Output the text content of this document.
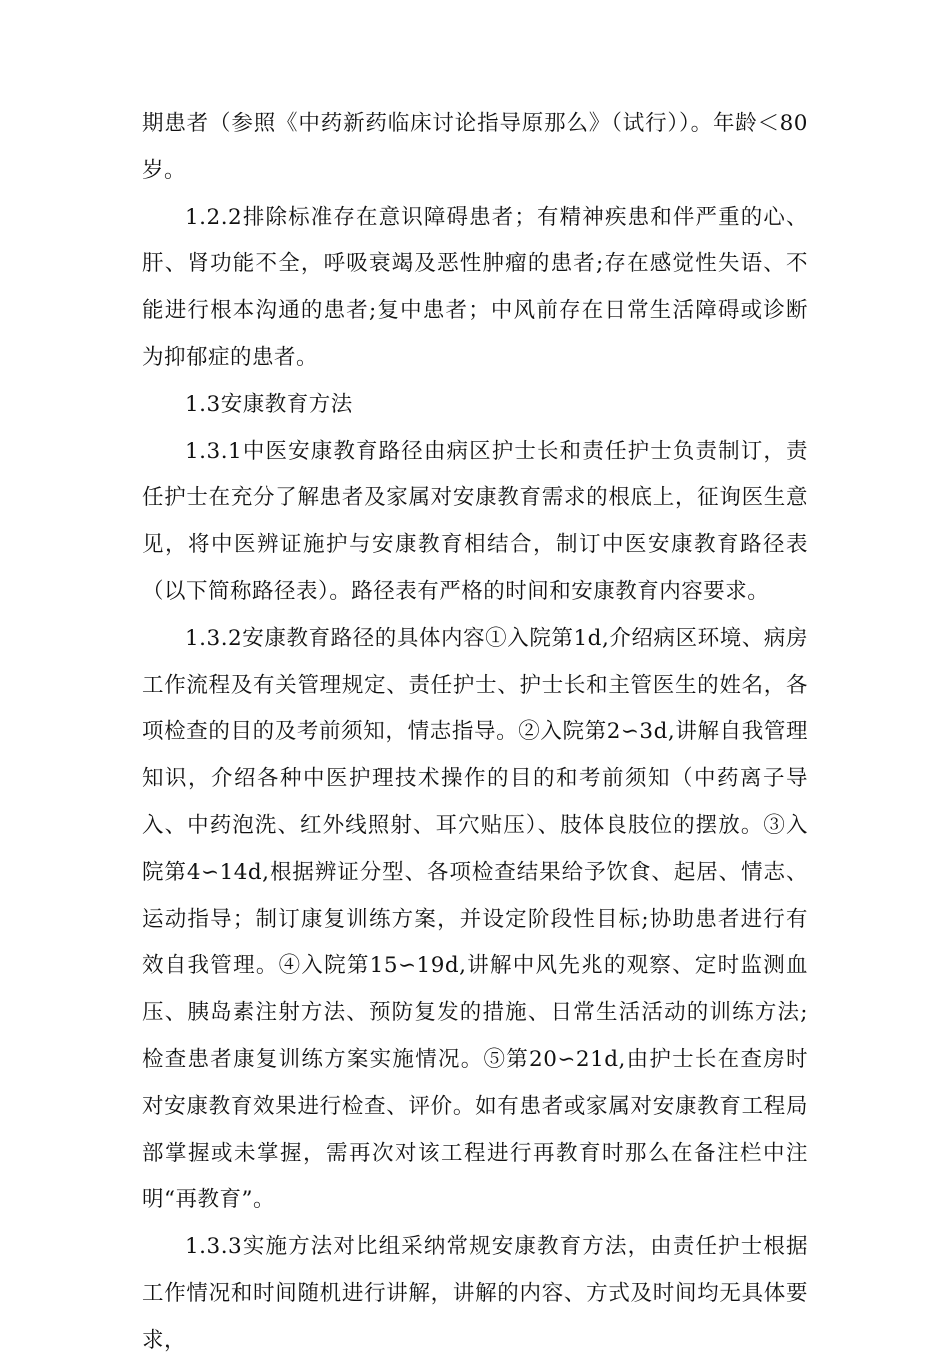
期患者（参照《中药新药临床讨论指导原那么》（试行））。年龄＜80岁。

1.2.2排除标准存在意识障碍患者；有精神疾患和伴严重的心、肝、肾功能不全，呼吸衰竭及恶性肿瘤的患者;存在感觉性失语、不能进行根本沟通的患者;复中患者；中风前存在日常生活障碍或诊断为抑郁症的患者。

1.3安康教育方法

1.3.1中医安康教育路径由病区护士长和责任护士负责制订，责任护士在充分了解患者及家属对安康教育需求的根底上，征询医生意见，将中医辨证施护与安康教育相结合，制订中医安康教育路径表（以下简称路径表）。路径表有严格的时间和安康教育内容要求。

1.3.2安康教育路径的具体内容①入院第1d,介绍病区环境、病房工作流程及有关管理规定、责任护士、护士长和主管医生的姓名，各项检查的目的及考前须知，情志指导。②入院第2∽3d,讲解自我管理知识，介绍各种中医护理技术操作的目的和考前须知（中药离子导入、中药泡洗、红外线照射、耳穴贴压）、肢体良肢位的摆放。③入院第4∽14d,根据辨证分型、各项检查结果给予饮食、起居、情志、运动指导；制订康复训练方案，并设定阶段性目标;协助患者进行有效自我管理。④入院第15∽19d,讲解中风先兆的观察、定时监测血压、胰岛素注射方法、预防复发的措施、日常生活活动的训练方法;检查患者康复训练方案实施情况。⑤第20∽21d,由护士长在查房时对安康教育效果进行检查、评价。如有患者或家属对安康教育工程局部掌握或未掌握，需再次对该工程进行再教育时那么在备注栏中注明“再教育”。

1.3.3实施方法对比组采纳常规安康教育方法，由责任护士根据工作情况和时间随机进行讲解，讲解的内容、方式及时间均无具体要求，
